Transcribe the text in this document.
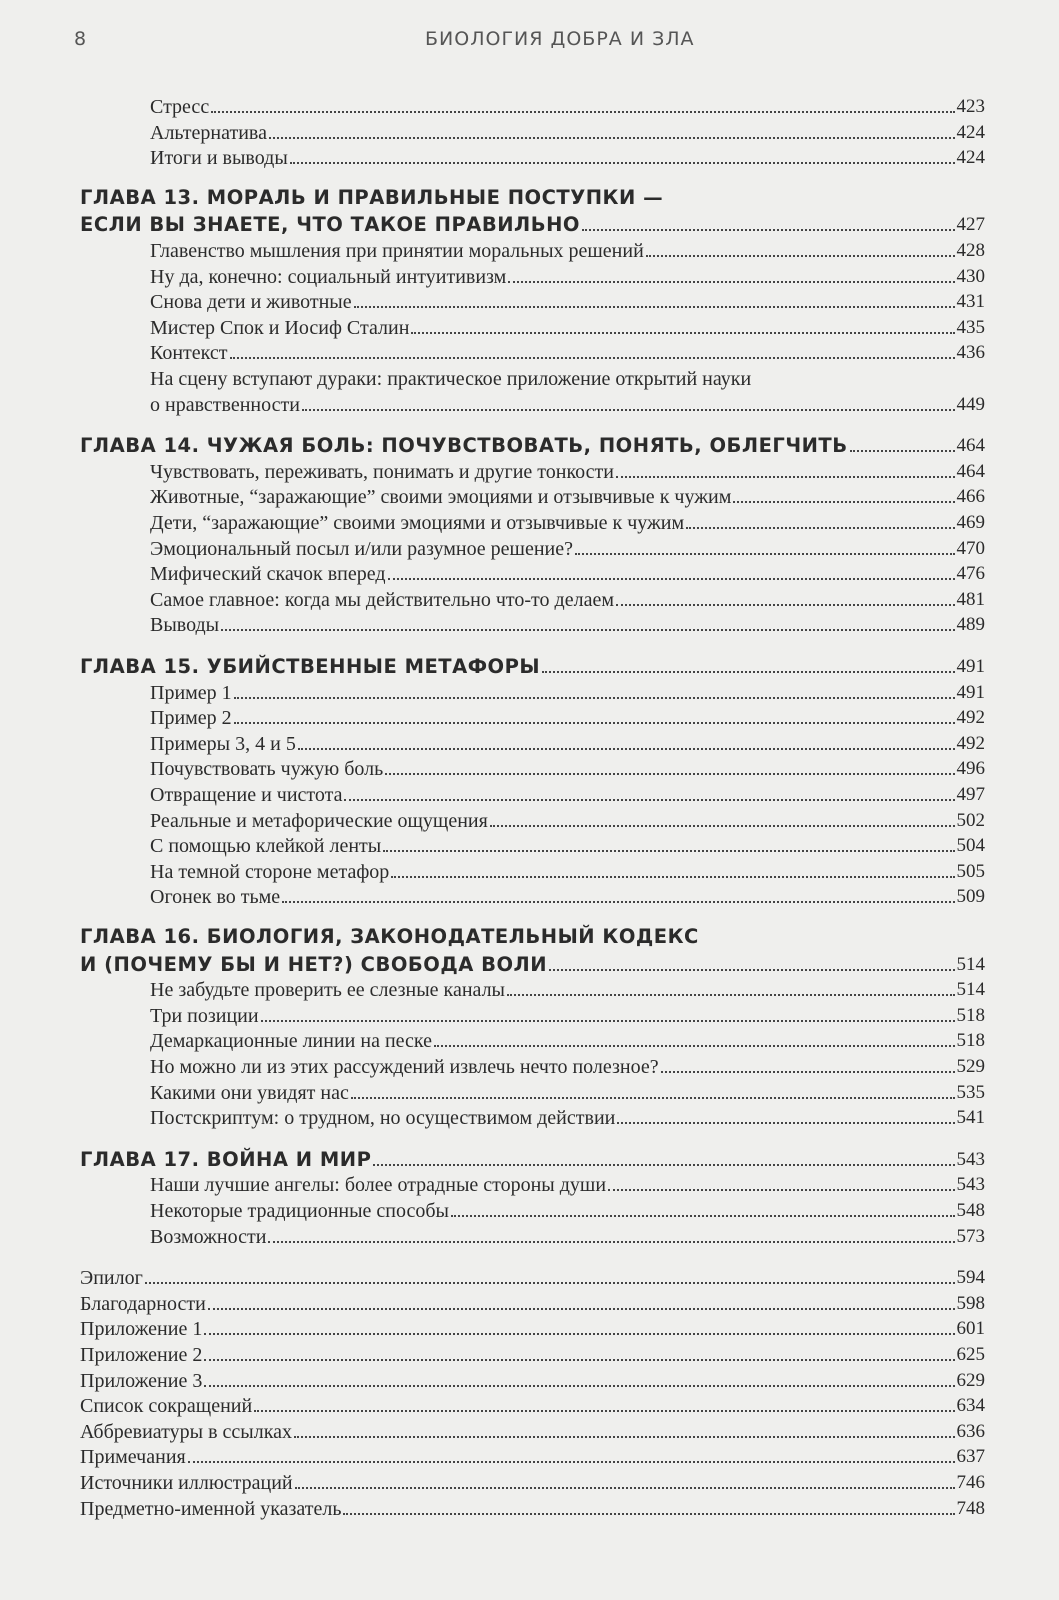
8	БИОЛОГИЯ ДОБРА И ЗЛА
Стресс	423
Альтернатива	424
Итоги и выводы	424
ГЛАВА 13. МОРАЛЬ И ПРАВИЛЬНЫЕ ПОСТУПКИ —
ЕСЛИ ВЫ ЗНАЕТЕ, ЧТО ТАКОЕ ПРАВИЛЬНО	427
Главенство мышления при принятии моральных решений	428
Ну да, конечно: социальный интуитивизм	430
Снова дети и животные	431
Мистер Спок и Иосиф Сталин	435
Контекст	436
На сцену вступают дураки: практическое приложение открытий науки
о нравственности	449
ГЛАВА 14. ЧУЖАЯ БОЛЬ: ПОЧУВСТВОВАТЬ, ПОНЯТЬ, ОБЛЕГЧИТЬ	464
Чувствовать, переживать, понимать и другие тонкости	464
Животные, “заражающие” своими эмоциями и отзывчивые к чужим	466
Дети, “заражающие” своими эмоциями и отзывчивые к чужим	469
Эмоциональный посыл и/или разумное решение?	470
Мифический скачок вперед	476
Самое главное: когда мы действительно что-то делаем	481
Выводы	489
ГЛАВА 15. УБИЙСТВЕННЫЕ МЕТАФОРЫ	491
Пример 1	491
Пример 2	492
Примеры 3, 4 и 5	492
Почувствовать чужую боль	496
Отвращение и чистота	497
Реальные и метафорические ощущения	502
С помощью клейкой ленты	504
На темной стороне метафор	505
Огонек во тьме	509
ГЛАВА 16. БИОЛОГИЯ, ЗАКОНОДАТЕЛЬНЫЙ КОДЕКС
И (ПОЧЕМУ БЫ И НЕТ?) СВОБОДА ВОЛИ	514
Не забудьте проверить ее слезные каналы	514
Три позиции	518
Демаркационные линии на песке	518
Но можно ли из этих рассуждений извлечь нечто полезное?	529
Какими они увидят нас	535
Постскриптум: о трудном, но осуществимом действии	541
ГЛАВА 17. ВОЙНА И МИР	543
Наши лучшие ангелы: более отрадные стороны души	543
Некоторые традиционные способы	548
Возможности	573
Эпилог	594
Благодарности	598
Приложение 1	601
Приложение 2	625
Приложение 3	629
Список сокращений	634
Аббревиатуры в ссылках	636
Примечания	637
Источники иллюстраций	746
Предметно-именной указатель	748
